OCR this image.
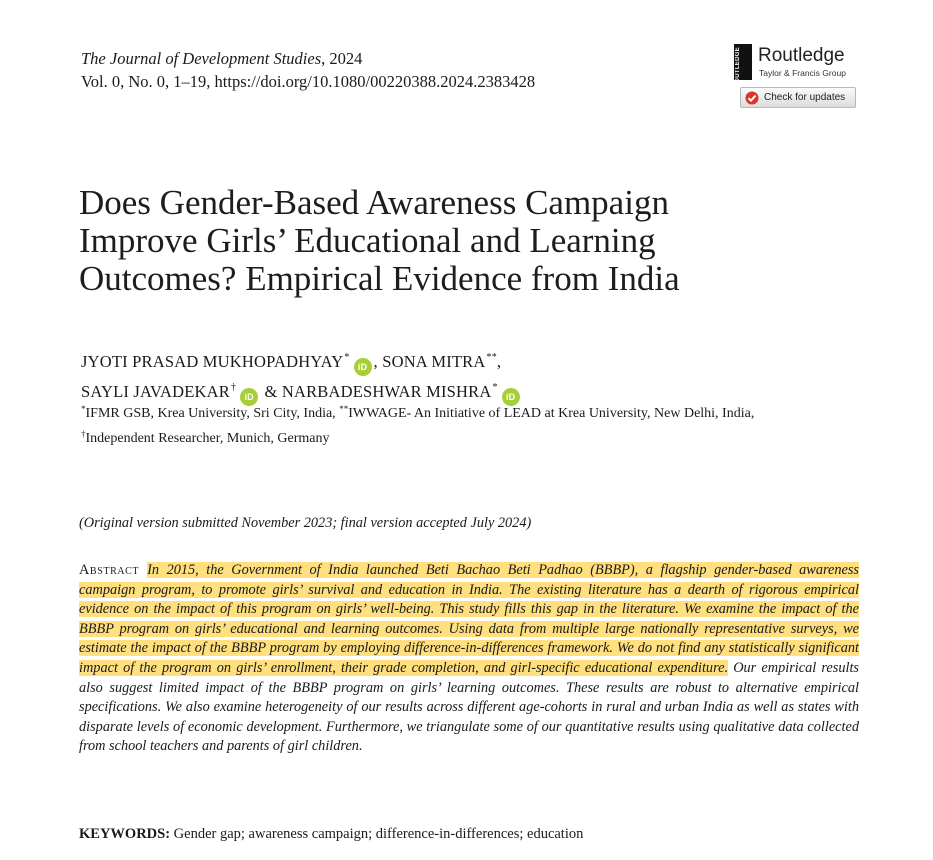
The Journal of Development Studies, 2024
Vol. 0, No. 0, 1–19, https://doi.org/10.1080/00220388.2024.2383428	ROUTLEDGE Routledge
Taylor & Francis Group
Check for updates
Does Gender-Based Awareness Campaign
Improve Girls’ Educational and Learning
Outcomes? Empirical Evidence from India
JYOTI PRASAD MUKHOPADHYAY*iD , SONA MITRA**,
SAYLI JAVADEKAR†iD & NARBADESHWAR MISHRA*iD
*IFMR GSB, Krea University, Sri City, India, **IWWAGE- An Initiative of LEAD at Krea University, New Delhi, India, †Independent Researcher, Munich, Germany
(Original version submitted November 2023; final version accepted July 2024)
Abstract In 2015, the Government of India launched Beti Bachao Beti Padhao (BBBP), a flagship gender-based awareness campaign program, to promote girls’ survival and education in India. The existing literature has a dearth of rigorous empirical evidence on the impact of this program on girls’ well-being. This study fills this gap in the literature. We examine the impact of the BBBP program on girls’ educational and learning outcomes. Using data from multiple large nationally representative surveys, we estimate the impact of the BBBP program by employing difference-in-differences framework. We do not find any statistically significant impact of the program on girls’ enrollment, their grade completion, and girl-specific educational expenditure. Our empirical results also suggest limited impact of the BBBP program on girls’ learning outcomes. These results are robust to alternative empirical specifications. We also examine heterogeneity of our results across different age-cohorts in rural and urban India as well as states with disparate levels of economic development. Furthermore, we triangulate some of our quantitative results using qualitative data collected from school teachers and parents of girl children.
KEYWORDS: Gender gap; awareness campaign; difference-in-differences; education
